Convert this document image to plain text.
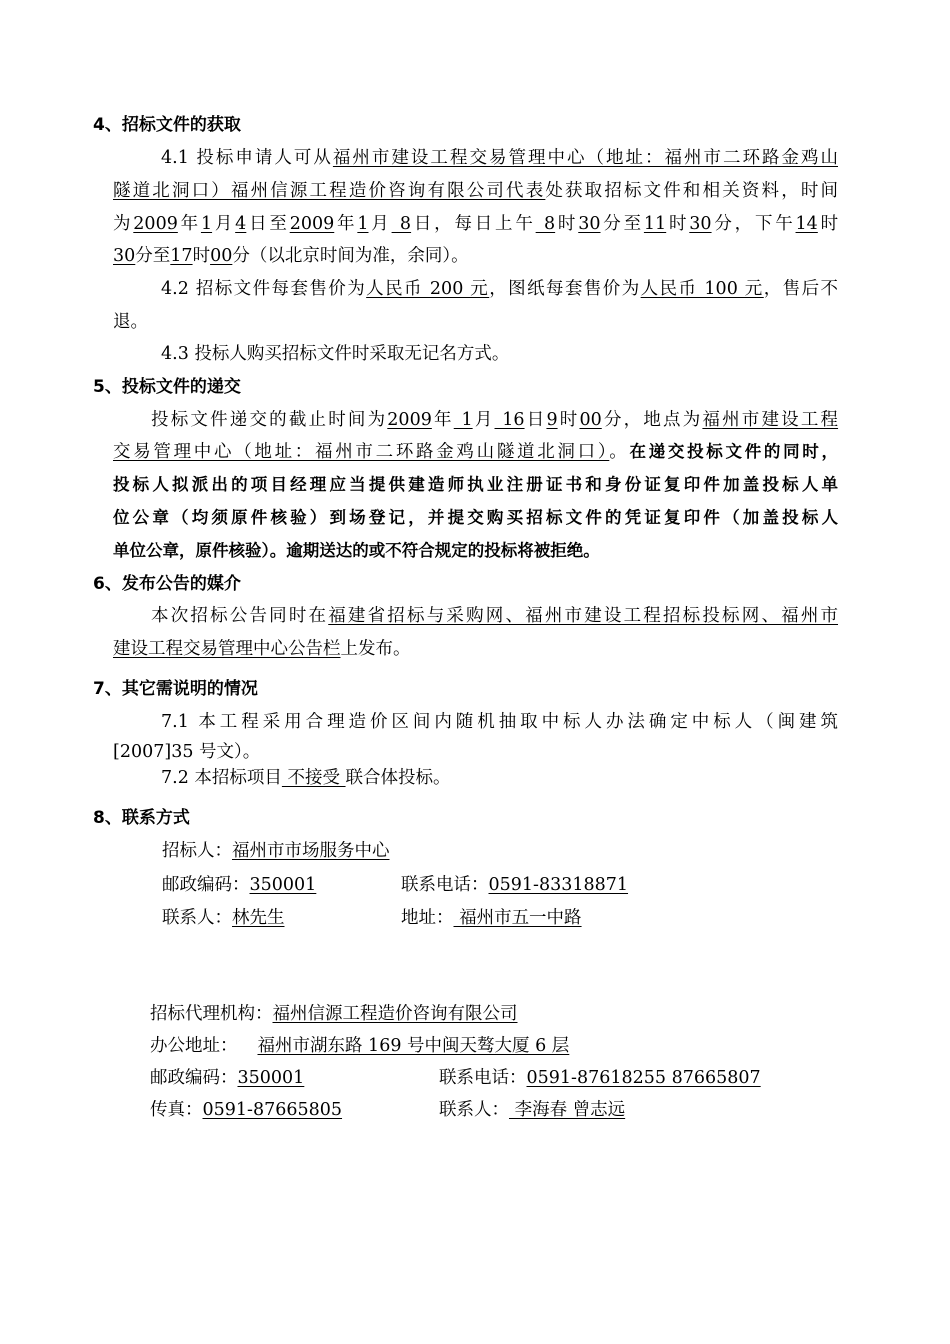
4、招标文件的获取
4.1 投标申请人可从福州市建设工程交易管理中心（地址：福州市二环路金鸡山
隧道北洞口）福州信源工程造价咨询有限公司代表处获取招标文件和相关资料，时间
为2009年1月4日至2009年1月 8日，每日上午 8时30分至11时30分，下午14时
30分至17时00分（以北京时间为准，余同）。
4.2 招标文件每套售价为人民币 200 元，图纸每套售价为人民币 100 元，售后不
退。
4.3 投标人购买招标文件时采取无记名方式。
5、投标文件的递交
投标文件递交的截止时间为2009年 1月 16日9时00分，地点为福州市建设工程
交易管理中心（地址：福州市二环路金鸡山隧道北洞口）。在递交投标文件的同时，
投标人拟派出的项目经理应当提供建造师执业注册证书和身份证复印件加盖投标人单
位公章（均须原件核验）到场登记，并提交购买招标文件的凭证复印件（加盖投标人
单位公章，原件核验）。逾期送达的或不符合规定的投标将被拒绝。
6、发布公告的媒介
本次招标公告同时在福建省招标与采购网、福州市建设工程招标投标网、福州市
建设工程交易管理中心公告栏上发布。
7、其它需说明的情况
7.1 本工程采用合理造价区间内随机抽取中标人办法确定中标人（闽建筑
[2007]35 号文）。
7.2 本招标项目 不接受 联合体投标。
8、联系方式
招标人：福州市市场服务中心
邮政编码：350001	联系电话：0591-83318871
联系人：林先生	地址： 福州市五一中路
招标代理机构：福州信源工程造价咨询有限公司
办公地址： 福州市湖东路 169 号中闽天骜大厦 6 层
邮政编码：350001	联系电话：0591-87618255 87665807
传真：0591-87665805	联系人： 李海春 曾志远
